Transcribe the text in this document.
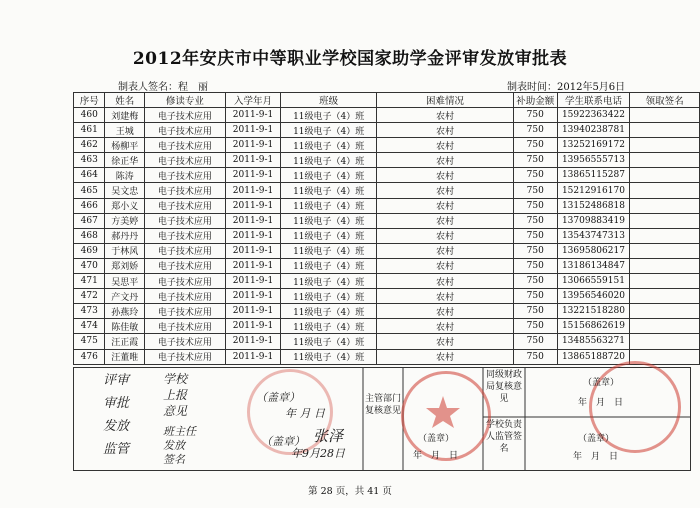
2012年安庆市中等职业学校国家助学金评审发放审批表
制表人签名：程　丽	制表时间：2012年5月6日
序号	姓名	修读专业	入学年月	班级	困难情况	补助金额	学生联系电话	领取签名
460	刘建梅	电子技术应用	2011-9-1	11级电子（4）班	农村	750	15922363422	
461	王城	电子技术应用	2011-9-1	11级电子（4）班	农村	750	13940238781	
462	杨柳平	电子技术应用	2011-9-1	11级电子（4）班	农村	750	13252169172	
463	徐正华	电子技术应用	2011-9-1	11级电子（4）班	农村	750	13956555713	
464	陈涛	电子技术应用	2011-9-1	11级电子（4）班	农村	750	13865115287	
465	吴文忠	电子技术应用	2011-9-1	11级电子（4）班	农村	750	15212916170	
466	郑小义	电子技术应用	2011-9-1	11级电子（4）班	农村	750	13152486818	
467	方美婷	电子技术应用	2011-9-1	11级电子（4）班	农村	750	13709883419	
468	郝丹丹	电子技术应用	2011-9-1	11级电子（4）班	农村	750	13543747313	
469	于林风	电子技术应用	2011-9-1	11级电子（4）班	农村	750	13695806217	
470	郑刘娇	电子技术应用	2011-9-1	11级电子（4）班	农村	750	13186134847	
471	吴思平	电子技术应用	2011-9-1	11级电子（4）班	农村	750	13066559151	
472	产文丹	电子技术应用	2011-9-1	11级电子（4）班	农村	750	13956546020	
473	孙燕玲	电子技术应用	2011-9-1	11级电子（4）班	农村	750	13221518280	
474	陈佳敏	电子技术应用	2011-9-1	11级电子（4）班	农村	750	15156862619	
475	汪正霞	电子技术应用	2011-9-1	11级电子（4）班	农村	750	13485563271	
476	汪董唯	电子技术应用	2011-9-1	11级电子（4）班	农村	750	13865188720	
评审
审批
发放
监管
学校
上报
意见
班主任
发放
签名
（盖章）
年 月 日
（盖章） 张泽
年9月28日
主管部门复核意见
（盖章）
年　月　日
同级财政局复核意见
（盖章）
年　月　日
学校负责人监管签名
（盖章）
年　月　日
第 28 页，共 41 页
